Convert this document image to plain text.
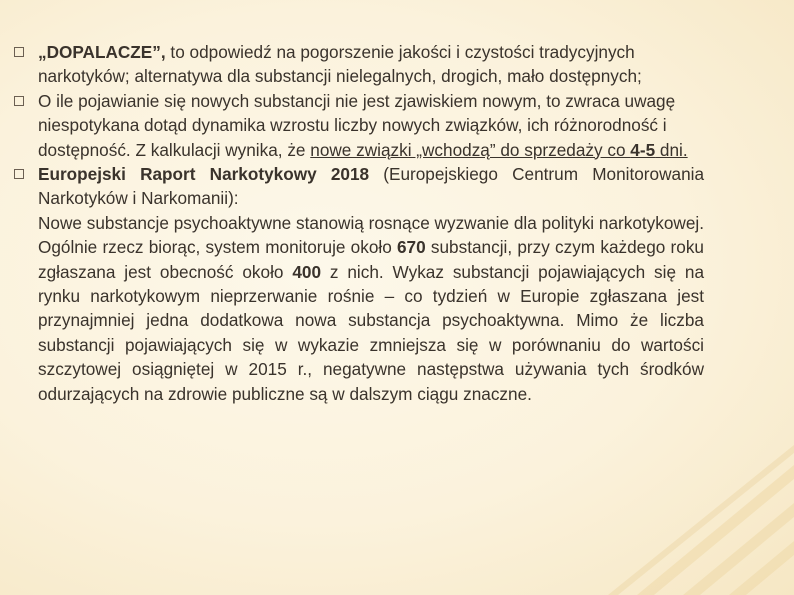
„DOPALACZE”, to odpowiedź na pogorszenie jakości i czystości tradycyjnych narkotyków; alternatywa dla substancji nielegalnych, drogich, mało dostępnych;
O ile pojawianie się nowych substancji nie jest zjawiskiem nowym, to zwraca uwagę niespotykana dotąd dynamika wzrostu liczby nowych związków, ich różnorodność i dostępność. Z kalkulacji wynika, że nowe związki „wchodzą” do sprzedaży co 4-5 dni.
Europejski Raport Narkotykowy 2018 (Europejskiego Centrum Monitorowania Narkotyków i Narkomanii):
Nowe substancje psychoaktywne stanowią rosnące wyzwanie dla polityki narkotykowej. Ogólnie rzecz biorąc, system monitoruje około 670 substancji, przy czym każdego roku zgłaszana jest obecność około 400 z nich. Wykaz substancji pojawiających się na rynku narkotykowym nieprzerwanie rośnie – co tydzień w Europie zgłaszana jest przynajmniej jedna dodatkowa nowa substancja psychoaktywna. Mimo że liczba substancji pojawiających się w wykazie zmniejsza się w porównaniu do wartości szczytowej osiągniętej w 2015 r., negatywne następstwa używania tych środków odurzających na zdrowie publiczne są w dalszym ciągu znaczne.
